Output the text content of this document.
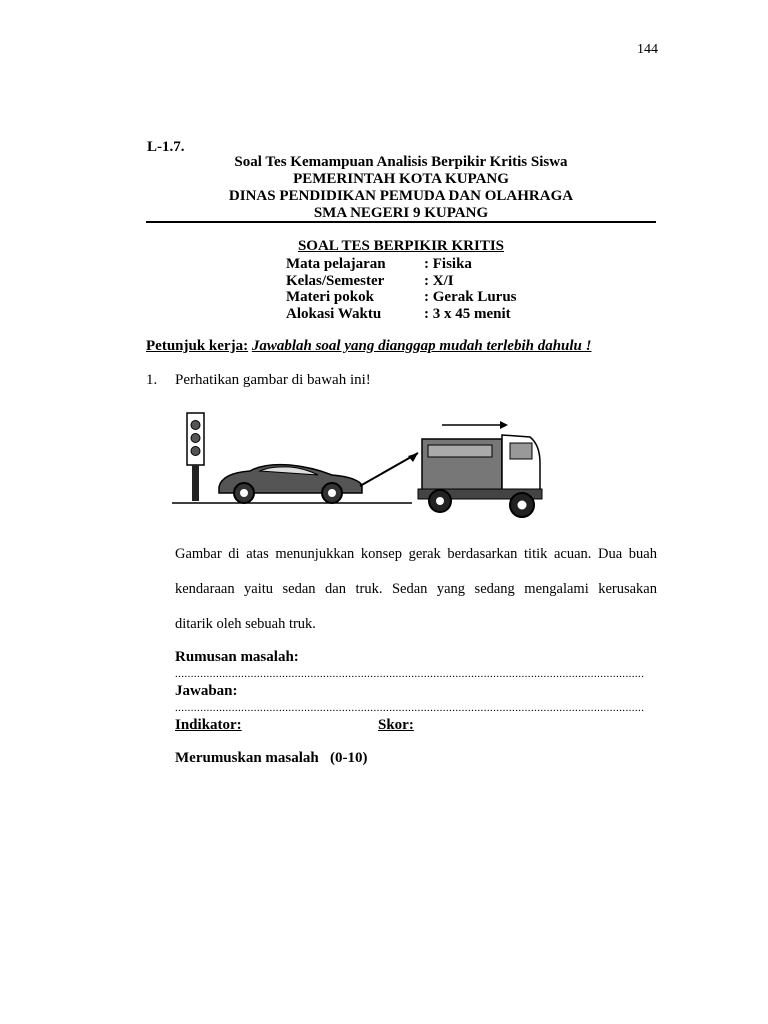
144
L-1.7.
Soal Tes Kemampuan Analisis Berpikir Kritis Siswa
PEMERINTAH KOTA KUPANG
DINAS PENDIDIKAN PEMUDA DAN OLAHRAGA
SMA NEGERI 9 KUPANG
SOAL TES BERPIKIR KRITIS
Mata pelajaran	: Fisika
Kelas/Semester	: X/I
Materi pokok	: Gerak Lurus
Alokasi Waktu	: 3 x 45 menit
Petunjuk kerja: Jawablah soal yang dianggap mudah terlebih dahulu !
1. Perhatikan gambar di bawah ini!
Gambar di atas menunjukkan konsep gerak berdasarkan titik acuan. Dua buah
kendaraan yaitu sedan dan truk. Sedan yang sedang mengalami kerusakan
ditarik oleh sebuah truk.
Rumusan masalah:
.....................................................................................................................................................
Jawaban:
.....................................................................................................................................................
Indikator:	Skor:
Merumuskan masalah   (0-10)
